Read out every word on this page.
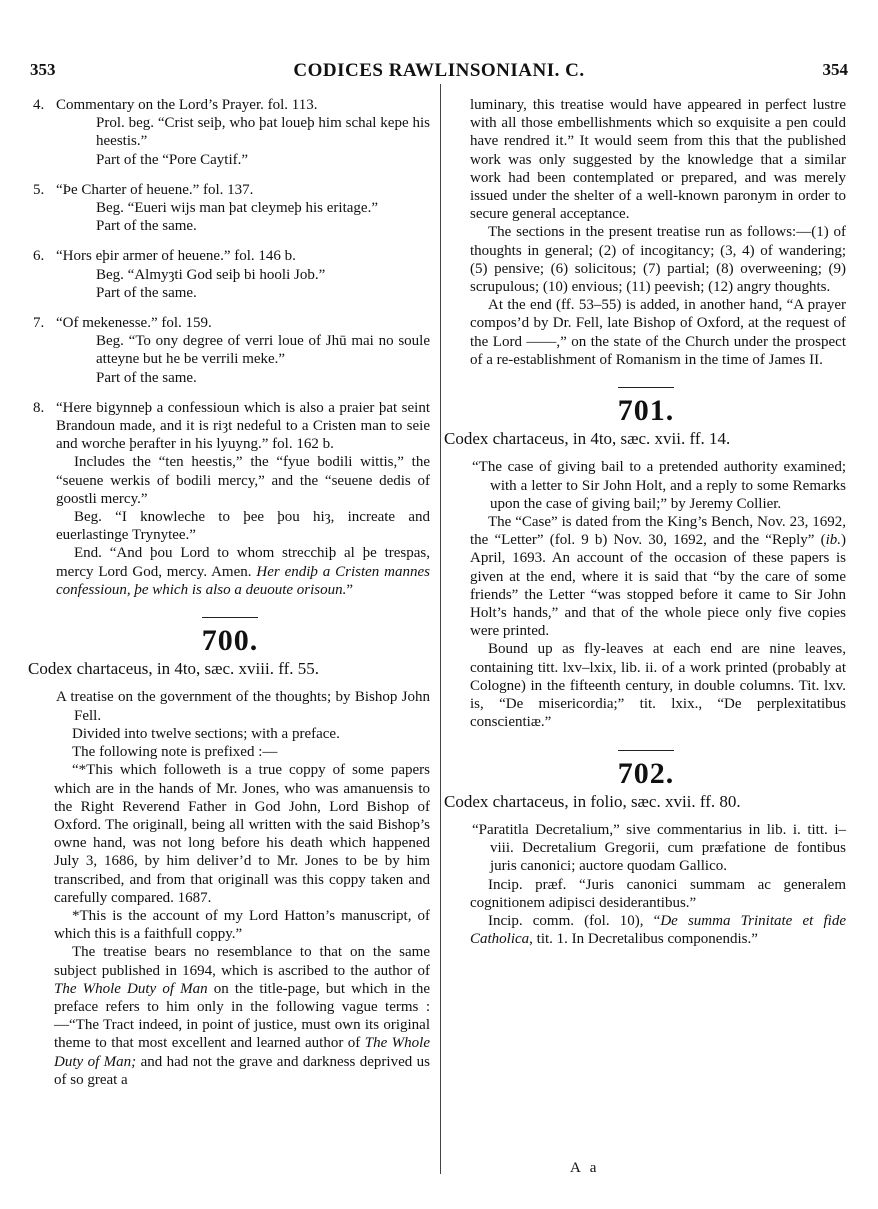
353	CODICES RAWLINSONIANI. C.	354
4. Commentary on the Lord’s Prayer. fol. 113.

Prol. beg. “Crist seiþ, who þat loueþ him schal kepe his heestis.”

Part of the “Pore Caytif.”

5. “Þe Charter of heuene.” fol. 137.

Beg. “Eueri wijs man þat cleymeþ his eritage.”

Part of the same.

6. “Hors eþir armer of heuene.” fol. 146 b.

Beg. “Almyȝti God seiþ bi hooli Job.”

Part of the same.

7. “Of mekenesse.” fol. 159.

Beg. “To ony degree of verri loue of Jhū mai no soule atteyne but he be verrili meke.”

Part of the same.

8. “Here bigynneþ a confessioun which is also a praier þat seint Brandoun made, and it is riȝt nedeful to a Cristen man to seie and worche þerafter in his lyuyng.” fol. 162 b.

Includes the “ten heestis,” the “fyue bodili wittis,” the “seuene werkis of bodili mercy,” and the “seuene dedis of goostli mercy.”

Beg. “I knowleche to þee þou hiȝ, increate and euerlastinge Trynytee.”

End. “And þou Lord to whom strecchiþ al þe trespas, mercy Lord God, mercy. Amen. Her endiþ a Cristen mannes confessioun, þe which is also a deuoute orisoun.”

700.
Codex chartaceus, in 4to, sæc. xviii. ff. 55.

A treatise on the government of the thoughts; by Bishop John Fell.

Divided into twelve sections; with a preface.

The following note is prefixed :—

“*This which followeth is a true coppy of some papers which are in the hands of Mr. Jones, who was amanuensis to the Right Reverend Father in God John, Lord Bishop of Oxford. The originall, being all written with the said Bishop’s owne hand, was not long before his death which happened July 3, 1686, by him deliver’d to Mr. Jones to be by him transcribed, and from that originall was this coppy taken and carefully compared. 1687.

*This is the account of my Lord Hatton’s manuscript, of which this is a faithfull coppy.”

The treatise bears no resemblance to that on the same subject published in 1694, which is ascribed to the author of The Whole Duty of Man on the title-page, but which in the preface refers to him only in the following vague terms :—“The Tract indeed, in point of justice, must own its original theme to that most excellent and learned author of The Whole Duty of Man; and had not the grave and darkness deprived us of so great a

luminary, this treatise would have appeared in perfect lustre with all those embellishments which so exquisite a pen could have rendred it.” It would seem from this that the published work was only suggested by the knowledge that a similar work had been contemplated or prepared, and was merely issued under the shelter of a well-known paronym in order to secure general acceptance.

The sections in the present treatise run as follows:—(1) of thoughts in general; (2) of incogitancy; (3, 4) of wandering; (5) pensive; (6) solicitous; (7) partial; (8) overweening; (9) scrupulous; (10) envious; (11) peevish; (12) angry thoughts.

At the end (ff. 53–55) is added, in another hand, “A prayer compos’d by Dr. Fell, late Bishop of Oxford, at the request of the Lord ——,” on the state of the Church under the prospect of a re-establishment of Romanism in the time of James II.

701.
Codex chartaceus, in 4to, sæc. xvii. ff. 14.

“The case of giving bail to a pretended authority examined; with a letter to Sir John Holt, and a reply to some Remarks upon the case of giving bail;” by Jeremy Collier.

The “Case” is dated from the King’s Bench, Nov. 23, 1692, the “Letter” (fol. 9 b) Nov. 30, 1692, and the “Reply” (ib.) April, 1693. An account of the occasion of these papers is given at the end, where it is said that “by the care of some friends” the Letter “was stopped before it came to Sir John Holt’s hands,” and that of the whole piece only five copies were printed.

Bound up as fly-leaves at each end are nine leaves, containing titt. lxv–lxix, lib. ii. of a work printed (probably at Cologne) in the fifteenth century, in double columns. Tit. lxv. is, “De misericordia;” tit. lxix., “De perplexitatibus conscientiæ.”

702.
Codex chartaceus, in folio, sæc. xvii. ff. 80.

“Paratitla Decretalium,” sive commentarius in lib. i. titt. i–viii. Decretalium Gregorii, cum præfatione de fontibus juris canonici; auctore quodam Gallico.

Incip. præf. “Juris canonici summam ac generalem cognitionem adipisci desiderantibus.”

Incip. comm. (fol. 10), “De summa Trinitate et fide Catholica, tit. 1. In Decretalibus componendis.”

A a
